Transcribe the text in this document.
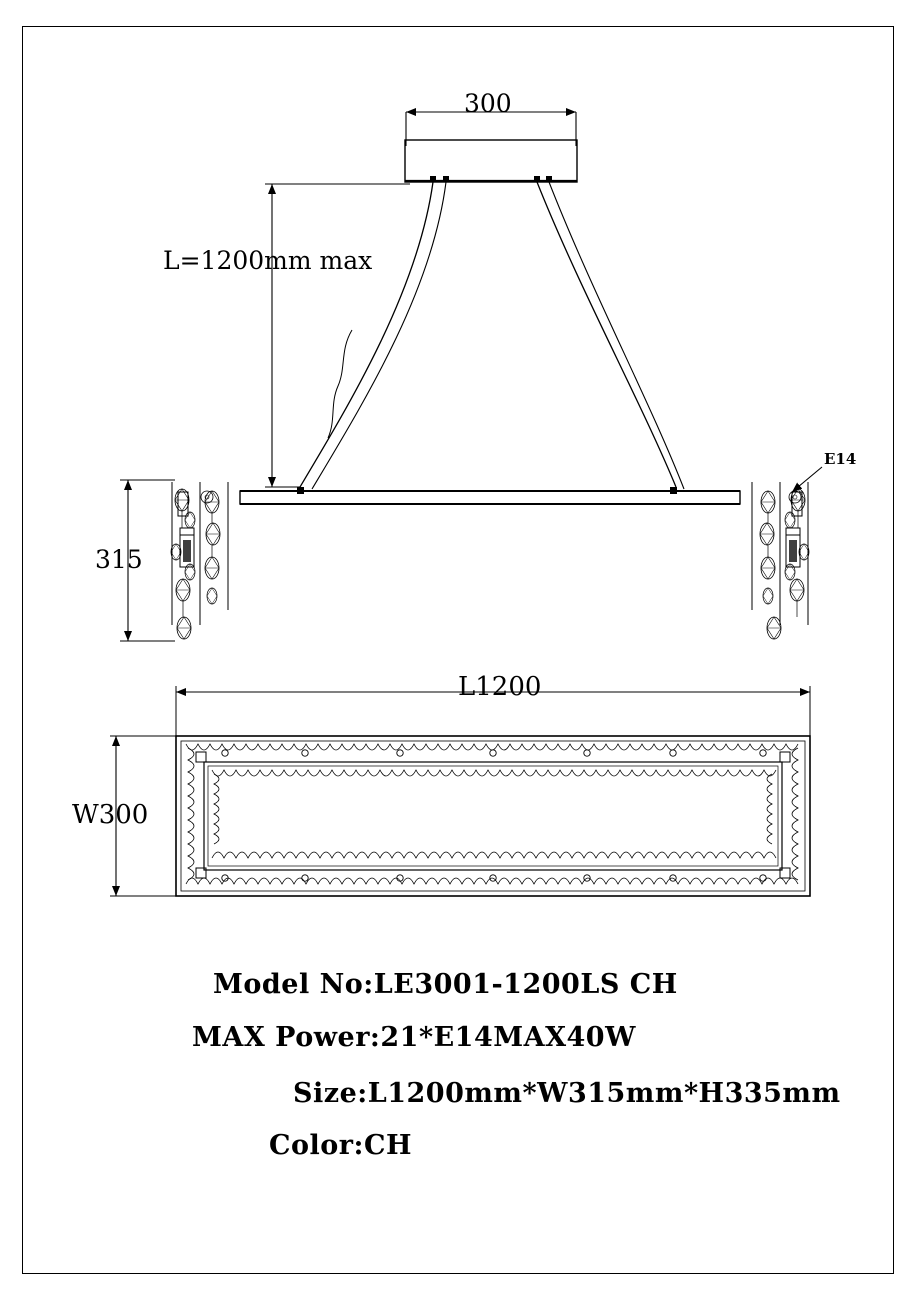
300
L=1200mm max
315
E14
L1200
W300
Model No:LE3001-1200LS CH
MAX Power:21*E14MAX40W
Size:L1200mm*W315mm*H335mm
Color:CH
